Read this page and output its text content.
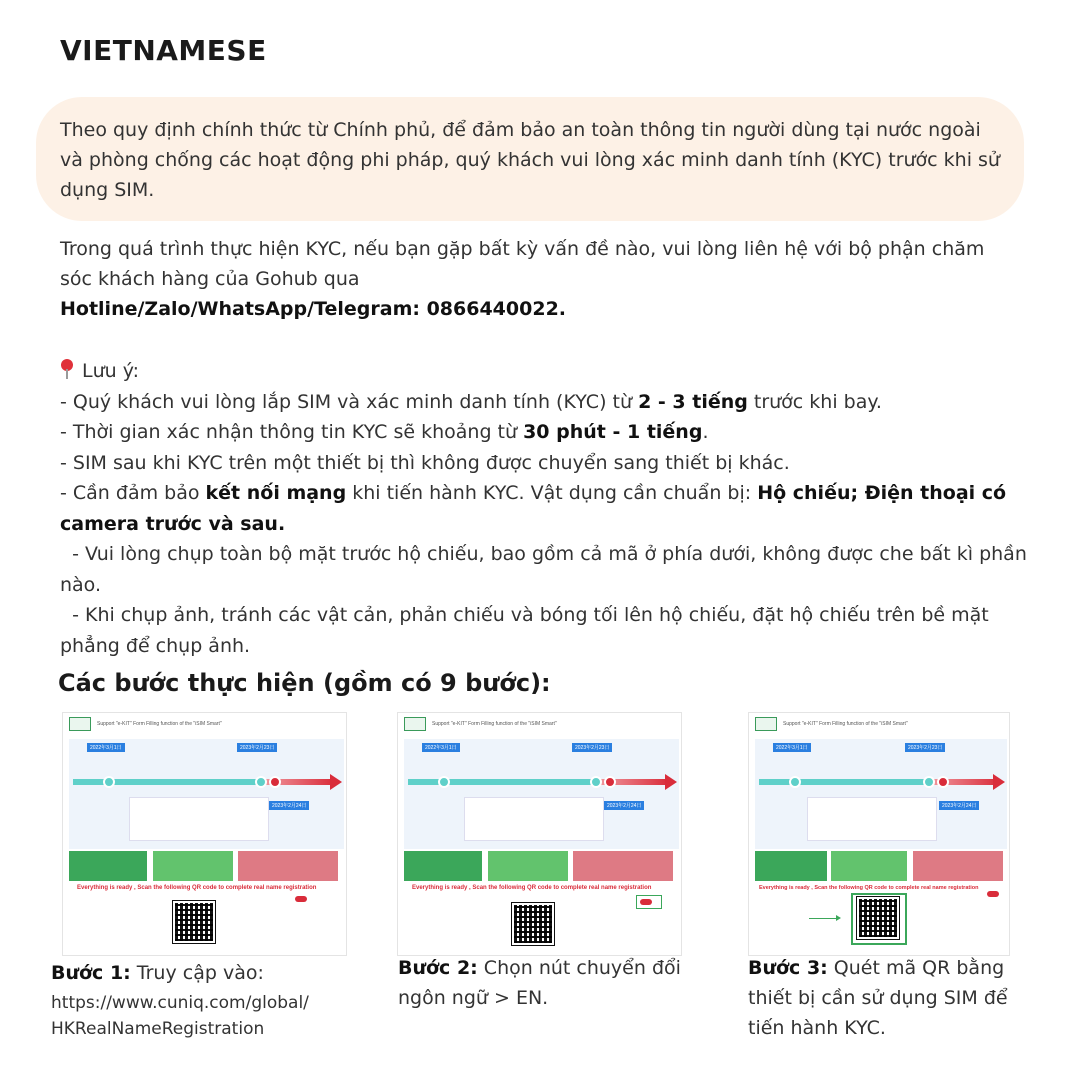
VIETNAMESE
Theo quy định chính thức từ Chính phủ, để đảm bảo an toàn thông tin người dùng tại nước ngoài và phòng chống các hoạt động phi pháp, quý khách vui lòng xác minh danh tính (KYC) trước khi sử dụng SIM.
Trong quá trình thực hiện KYC, nếu bạn gặp bất kỳ vấn đề nào, vui lòng liên hệ với bộ phận chăm sóc khách hàng của Gohub qua
Hotline/Zalo/WhatsApp/Telegram: 0866440022.
Lưu ý:
- Quý khách vui lòng lắp SIM và xác minh danh tính (KYC) từ 2 - 3 tiếng trước khi bay.
- Thời gian xác nhận thông tin KYC sẽ khoảng từ 30 phút - 1 tiếng.
- SIM sau khi KYC trên một thiết bị thì không được chuyển sang thiết bị khác.
- Cần đảm bảo kết nối mạng khi tiến hành KYC. Vật dụng cần chuẩn bị: Hộ chiếu; Điện thoại có camera trước và sau.
- Vui lòng chụp toàn bộ mặt trước hộ chiếu, bao gồm cả mã ở phía dưới, không được che bất kì phần nào.
- Khi chụp ảnh, tránh các vật cản, phản chiếu và bóng tối lên hộ chiếu, đặt hộ chiếu trên bề mặt phẳng để chụp ảnh.
Các bước thực hiện (gồm có 9 bước):
Support "e-KIT" Form Filling function of the "iSIM Smart"
2022年3月1日	2023年2月23日
2023年2月24日
Everything is ready , Scan the following QR code to complete real name registration
Support "e-KIT" Form Filling function of the "iSIM Smart"
2022年3月1日	2023年2月23日
2023年2月24日
Everything is ready , Scan the following QR code to complete real name registration
Support "e-KIT" Form Filling function of the "iSIM Smart"
2022年3月1日	2023年2月23日
2023年2月24日
Everything is ready , Scan the following QR code to complete real name registration
Bước 1: Truy cập vào:
https://www.cuniq.com/global/
HKRealNameRegistration
Bước 2: Chọn nút chuyển đổi ngôn ngữ > EN.
Bước 3: Quét mã QR bằng thiết bị cần sử dụng SIM để tiến hành KYC.
